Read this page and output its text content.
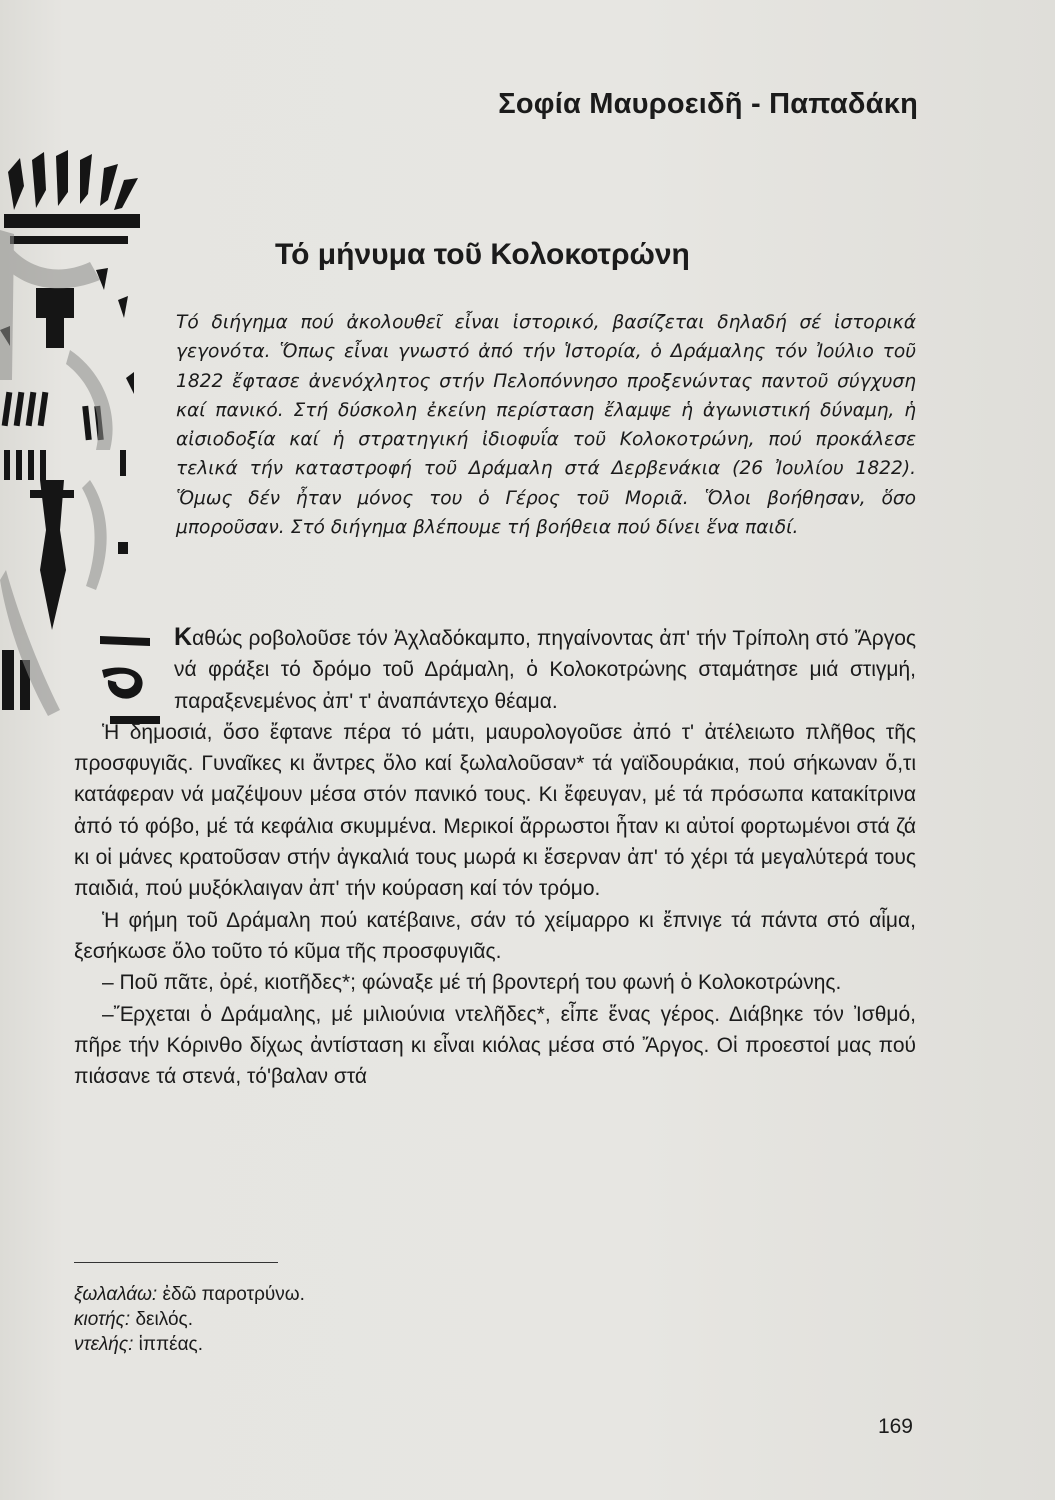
Σοφία Μαυροειδῆ - Παπαδάκη
Τό μήνυμα τοῦ Κολοκοτρώνη
Τό διήγημα πού ἀκολουθεῖ εἶναι ἱστορικό, βασίζεται δηλαδή σέ ἱστορικά γεγονότα. Ὅπως εἶναι γνωστό ἀπό τήν Ἱστορία, ὁ Δράμαλης τόν Ἰούλιο τοῦ 1822 ἔφτασε ἀνενόχλητος στήν Πελοπόννησο προξενώντας παντοῦ σύγχυση καί πανικό. Στή δύσκολη ἐκείνη περίσταση ἔλαμψε ἡ ἀγωνιστική δύναμη, ἡ αἰσιοδοξία καί ἡ στρατηγική ἰδιοφυΐα τοῦ Κολοκοτρώνη, πού προκάλεσε τελικά τήν καταστροφή τοῦ Δράμαλη στά Δερβενάκια (26 Ἰουλίου 1822). Ὅμως δέν ἦταν μόνος του ὁ Γέρος τοῦ Μοριᾶ. Ὅλοι βοήθησαν, ὅσο μποροῦσαν. Στό διήγημα βλέπουμε τή βοήθεια πού δίνει ἕνα παιδί.

Καθώς ροβολοῦσε τόν Ἀχλαδόκαμπο, πηγαίνοντας ἀπ' τήν Τρίπολη στό Ἄργος νά φράξει τό δρόμο τοῦ Δράμαλη, ὁ Κολοκοτρώνης σταμάτησε μιά στιγμή, παραξενεμένος ἀπ' τ' ἀναπάντεχο θέαμα.

Ἡ δημοσιά, ὅσο ἔφτανε πέρα τό μάτι, μαυρολογοῦσε ἀπό τ' ἀτέλειωτο πλῆθος τῆς προσφυγιᾶς. Γυναῖκες κι ἄντρες ὅλο καί ξωλαλοῦσαν* τά γαϊδουράκια, πού σήκωναν ὅ,τι κατάφεραν νά μαζέψουν μέσα στόν πανικό τους. Κι ἔφευγαν, μέ τά πρόσωπα κατακίτρινα ἀπό τό φόβο, μέ τά κεφάλια σκυμμένα. Μερικοί ἄρρωστοι ἦταν κι αὐτοί φορτωμένοι στά ζά κι οἱ μάνες κρατοῦσαν στήν ἀγκαλιά τους μωρά κι ἔσερναν ἀπ' τό χέρι τά μεγαλύτερά τους παιδιά, πού μυξόκλαιγαν ἀπ' τήν κούραση καί τόν τρόμο.

Ἡ φήμη τοῦ Δράμαλη πού κατέβαινε, σάν τό χείμαρρο κι ἔπνιγε τά πάντα στό αἷμα, ξεσήκωσε ὅλο τοῦτο τό κῦμα τῆς προσφυγιᾶς.

– Ποῦ πᾶτε, ὀρέ, κιοτῆδες*; φώναξε μέ τή βροντερή του φωνή ὁ Κολοκοτρώνης.

–Ἔρχεται ὁ Δράμαλης, μέ μιλιούνια ντελῆδες*, εἶπε ἕνας γέρος. Διάβηκε τόν Ἰσθμό, πῆρε τήν Κόρινθο δίχως ἀντίσταση κι εἶναι κιόλας μέσα στό Ἄργος. Οἱ προεστοί μας πού πιάσανε τά στενά, τό'βαλαν στά

ξωλαλάω: ἐδῶ παροτρύνω.
κιοτής: δειλός.
ντελής: ἱππέας.
169
